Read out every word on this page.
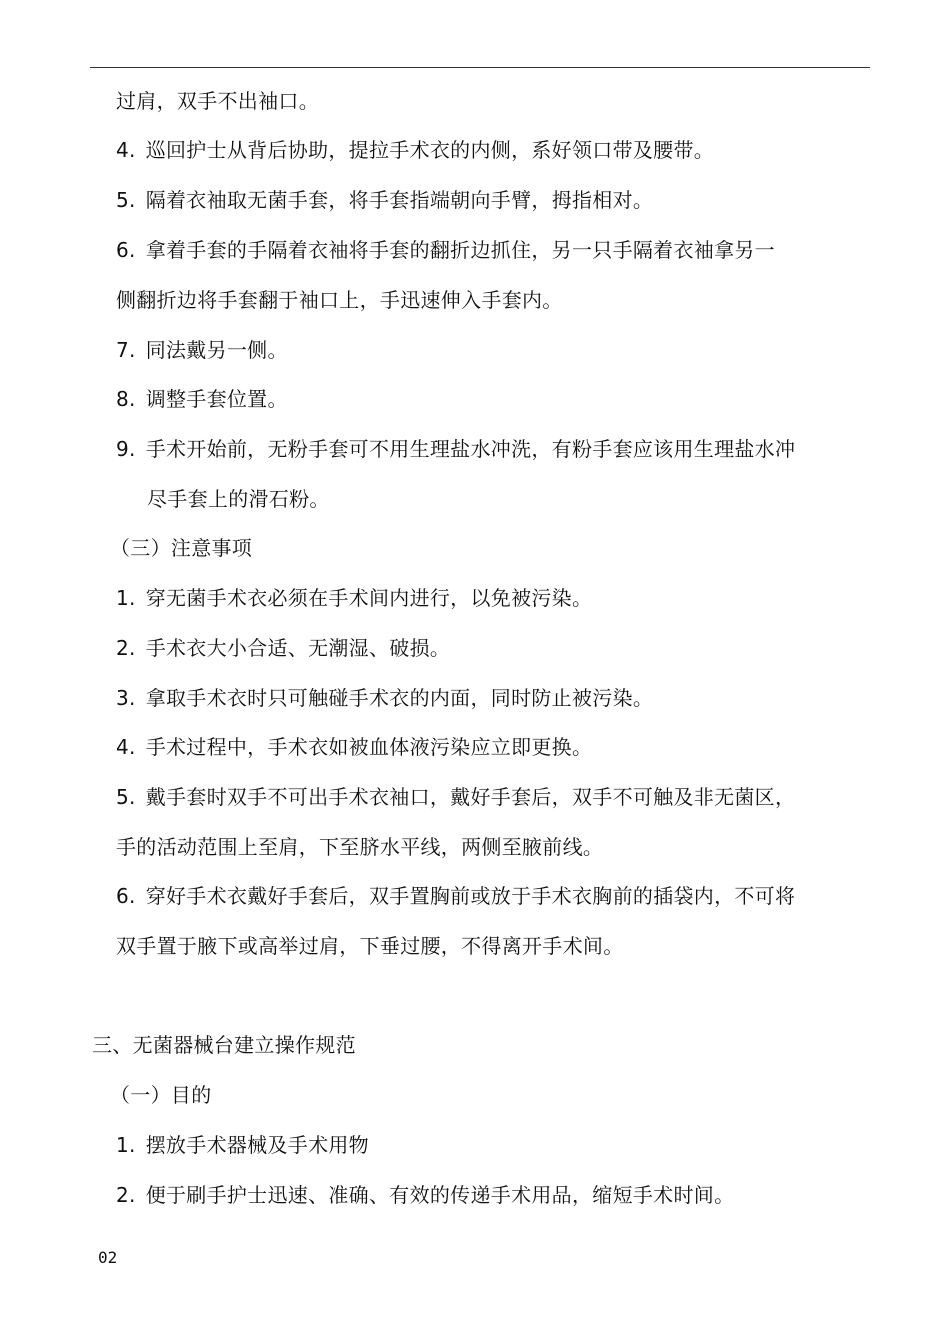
过肩，双手不出袖口。
4. 巡回护士从背后协助，提拉手术衣的内侧，系好领口带及腰带。
5. 隔着衣袖取无菌手套，将手套指端朝向手臂，拇指相对。
6. 拿着手套的手隔着衣袖将手套的翻折边抓住，另一只手隔着衣袖拿另一
侧翻折边将手套翻于袖口上，手迅速伸入手套内。
7. 同法戴另一侧。
8. 调整手套位置。
9. 手术开始前，无粉手套可不用生理盐水冲洗，有粉手套应该用生理盐水冲
尽手套上的滑石粉。
（三）注意事项
1. 穿无菌手术衣必须在手术间内进行，以免被污染。
2. 手术衣大小合适、无潮湿、破损。
3. 拿取手术衣时只可触碰手术衣的内面，同时防止被污染。
4. 手术过程中，手术衣如被血体液污染应立即更换。
5. 戴手套时双手不可出手术衣袖口，戴好手套后，双手不可触及非无菌区，
手的活动范围上至肩，下至脐水平线，两侧至腋前线。
6. 穿好手术衣戴好手套后，双手置胸前或放于手术衣胸前的插袋内，不可将
双手置于腋下或高举过肩，下垂过腰，不得离开手术间。
三、无菌器械台建立操作规范
（一）目的
1. 摆放手术器械及手术用物
2. 便于刷手护士迅速、准确、有效的传递手术用品，缩短手术时间。
02
